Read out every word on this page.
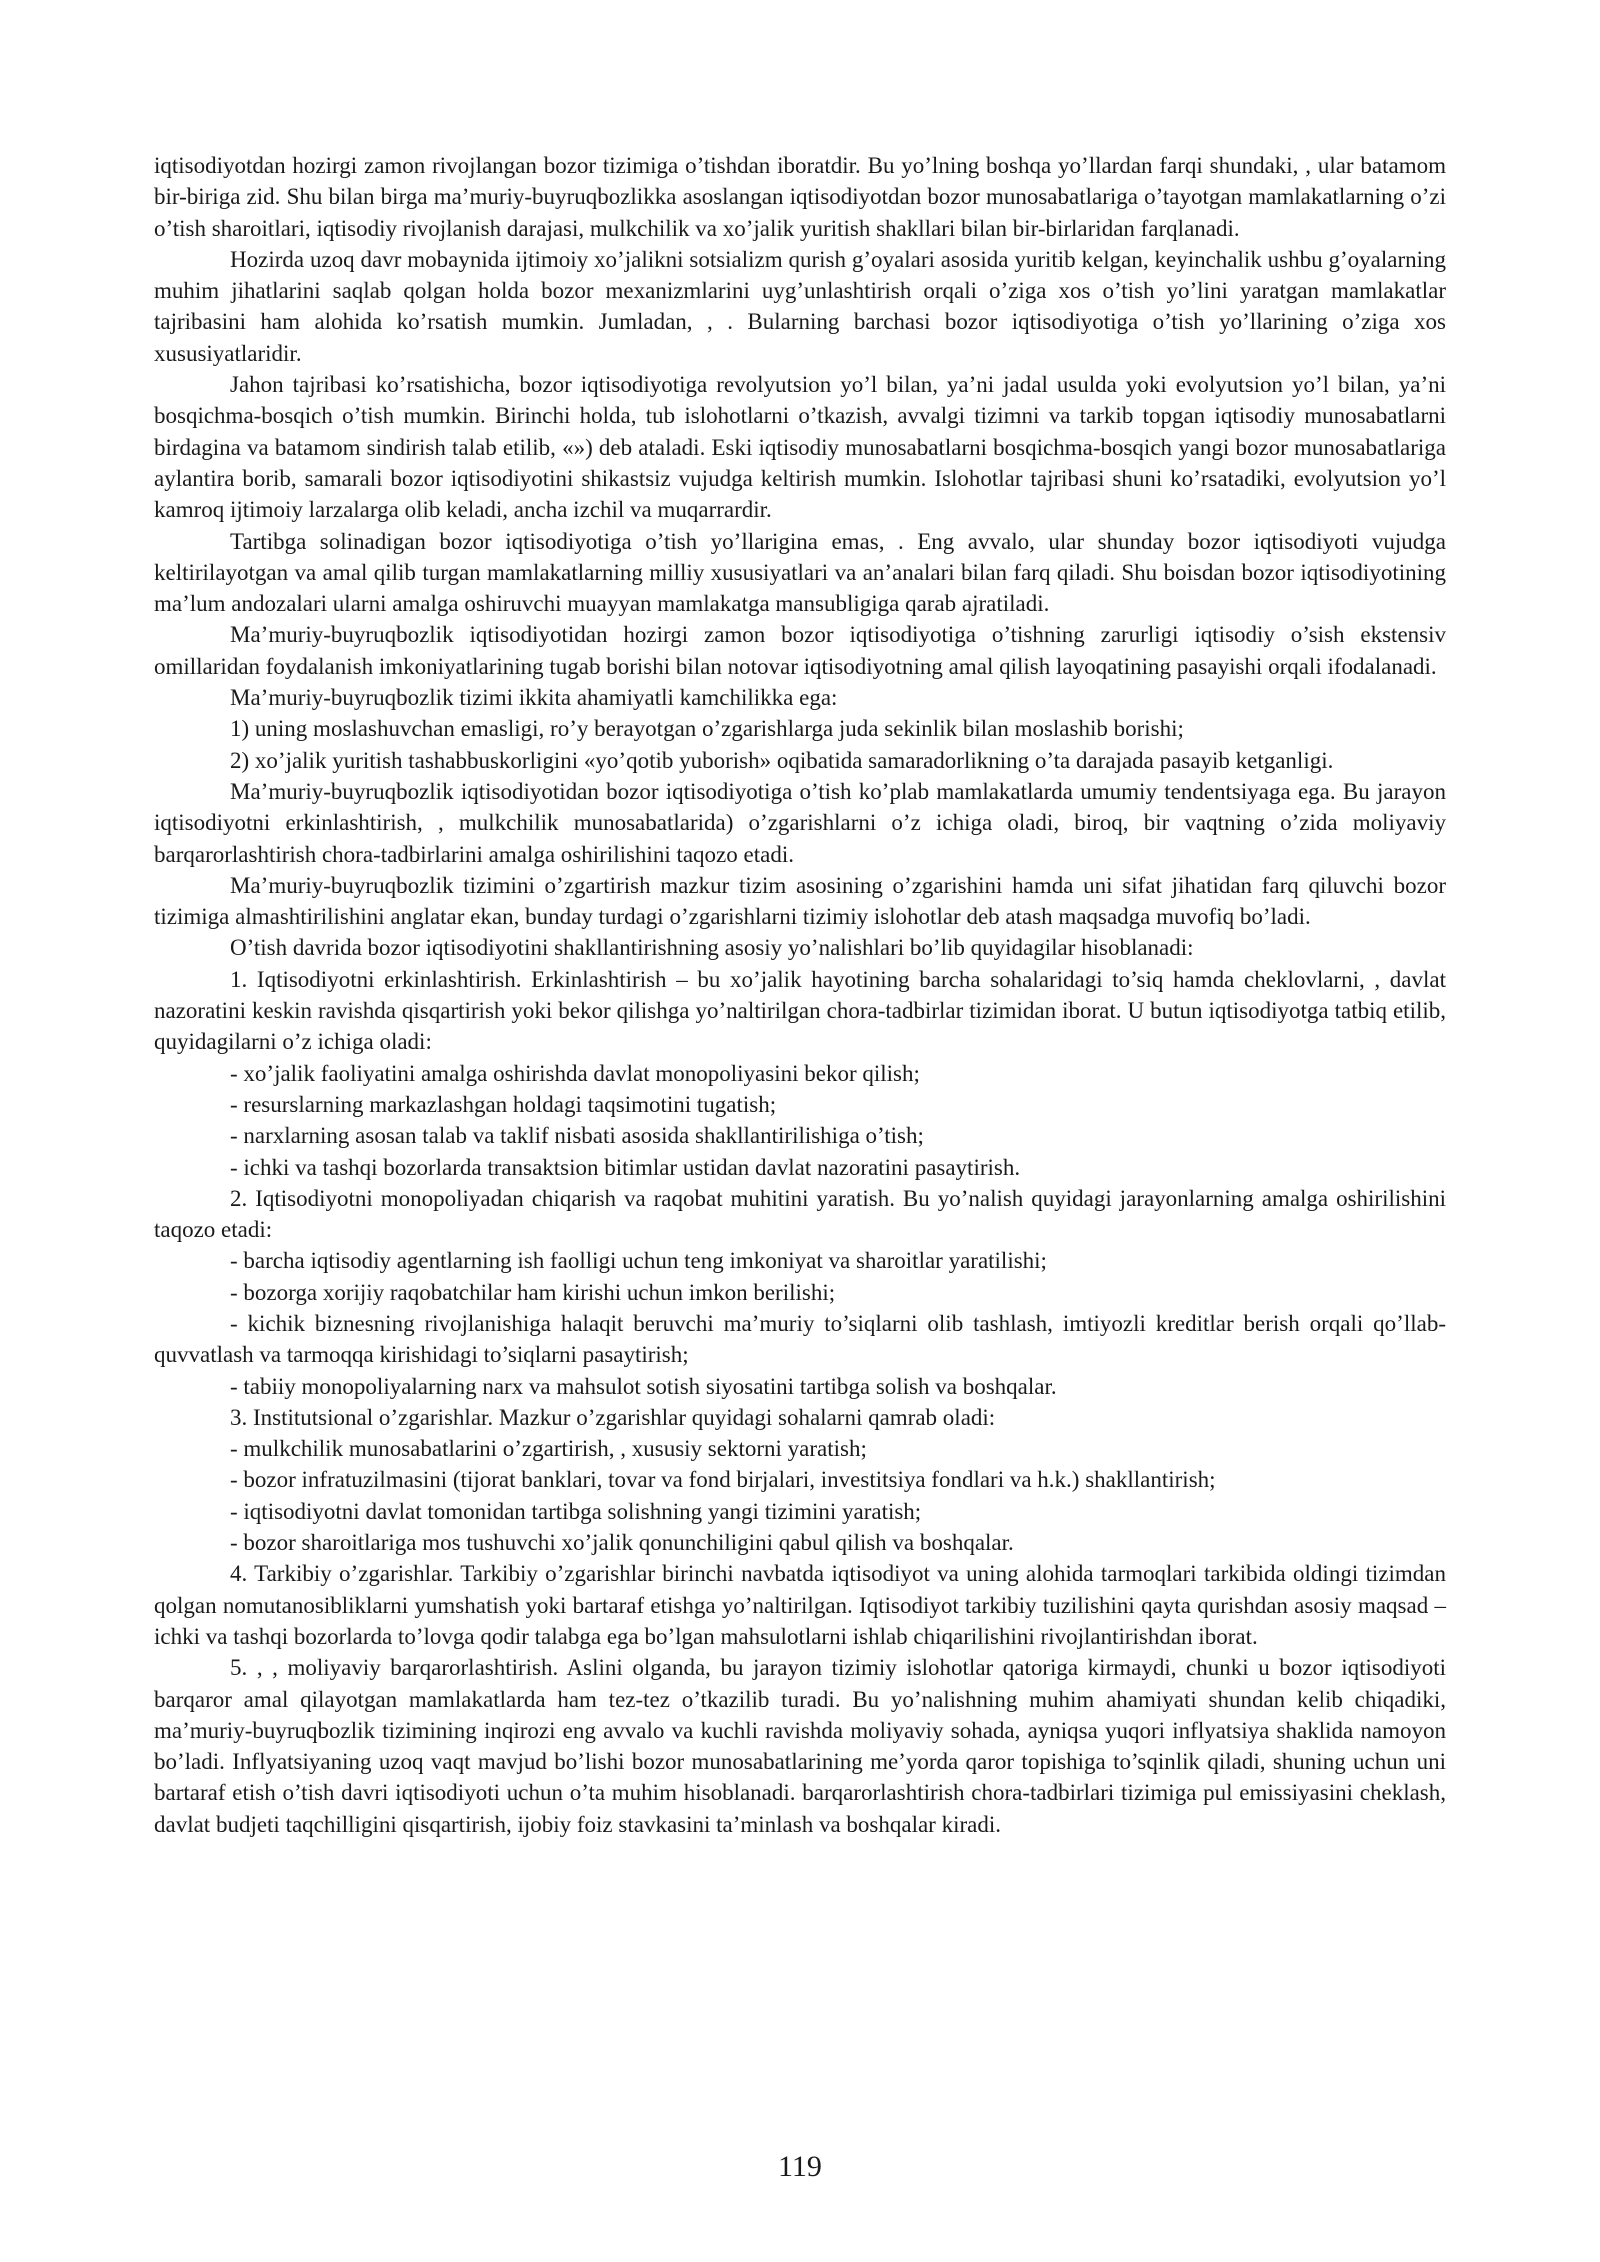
iqtisodiyotdan hozirgi zamon rivojlangan bozor tizimiga o’tishdan iboratdir. Bu yo’lning boshqa yo’llardan farqi shundaki, , ular batamom bir-biriga zid. Shu bilan birga ma’muriy-buyruqbozlikka asoslangan iqtisodiyotdan bozor munosabatlariga o’tayotgan mamlakatlarning o’zi o’tish sharoitlari, iqtisodiy rivojlanish darajasi, mulkchilik va xo’jalik yuritish shakllari bilan bir-birlaridan farqlanadi.

Hozirda uzoq davr mobaynida ijtimoiy xo’jalikni sotsializm qurish g’oyalari asosida yuritib kelgan, keyinchalik ushbu g’oyalarning muhim jihatlarini saqlab qolgan holda bozor mexanizmlarini uyg’unlashtirish orqali o’ziga xos o’tish yo’lini yaratgan mamlakatlar tajribasini ham alohida ko’rsatish mumkin. Jumladan, , . Bularning barchasi bozor iqtisodiyotiga o’tish yo’llarining o’ziga xos xususiyatlaridir.

Jahon tajribasi ko’rsatishicha, bozor iqtisodiyotiga revolyutsion yo’l bilan, ya’ni jadal usulda yoki evolyutsion yo’l bilan, ya’ni bosqichma-bosqich o’tish mumkin. Birinchi holda, tub islohotlarni o’tkazish, avvalgi tizimni va tarkib topgan iqtisodiy munosabatlarni birdagina va batamom sindirish talab etilib, «») deb ataladi. Eski iqtisodiy munosabatlarni bosqichma-bosqich yangi bozor munosabatlariga aylantira borib, samarali bozor iqtisodiyotini shikastsiz vujudga keltirish mumkin. Islohotlar tajribasi shuni ko’rsatadiki, evolyutsion yo’l kamroq ijtimoiy larzalarga olib keladi, ancha izchil va muqarrardir.

Tartibga solinadigan bozor iqtisodiyotiga o’tish yo’llarigina emas, . Eng avvalo, ular shunday bozor iqtisodiyoti vujudga keltirilayotgan va amal qilib turgan mamlakatlarning milliy xususiyatlari va an’analari bilan farq qiladi. Shu boisdan bozor iqtisodiyotining ma’lum andozalari ularni amalga oshiruvchi muayyan mamlakatga mansubligiga qarab ajratiladi.

Ma’muriy-buyruqbozlik iqtisodiyotidan hozirgi zamon bozor iqtisodiyotiga o’tishning zarurligi iqtisodiy o’sish ekstensiv omillaridan foydalanish imkoniyatlarining tugab borishi bilan notovar iqtisodiyotning amal qilish layoqatining pasayishi orqali ifodalanadi.

Ma’muriy-buyruqbozlik tizimi ikkita ahamiyatli kamchilikka ega:

1) uning moslashuvchan emasligi, ro’y berayotgan o’zgarishlarga juda sekinlik bilan moslashib borishi;

2) xo’jalik yuritish tashabbuskorligini «yo’qotib yuborish» oqibatida samaradorlikning o’ta darajada pasayib ketganligi.

Ma’muriy-buyruqbozlik iqtisodiyotidan bozor iqtisodiyotiga o’tish ko’plab mamlakatlarda umumiy tendentsiyaga ega. Bu jarayon iqtisodiyotni erkinlashtirish, , mulkchilik munosabatlarida) o’zgarishlarni o’z ichiga oladi, biroq, bir vaqtning o’zida moliyaviy barqarorlashtirish chora-tadbirlarini amalga oshirilishini taqozo etadi.

Ma’muriy-buyruqbozlik tizimini o’zgartirish mazkur tizim asosining o’zgarishini hamda uni sifat jihatidan farq qiluvchi bozor tizimiga almashtirilishini anglatar ekan, bunday turdagi o’zgarishlarni tizimiy islohotlar deb atash maqsadga muvofiq bo’ladi.

O’tish davrida bozor iqtisodiyotini shakllantirishning asosiy yo’nalishlari bo’lib quyidagilar hisoblanadi:

1. Iqtisodiyotni erkinlashtirish. Erkinlashtirish – bu xo’jalik hayotining barcha sohalaridagi to’siq hamda cheklovlarni, , davlat nazoratini keskin ravishda qisqartirish yoki bekor qilishga yo’naltirilgan chora-tadbirlar tizimidan iborat. U butun iqtisodiyotga tatbiq etilib, quyidagilarni o’z ichiga oladi:

- xo’jalik faoliyatini amalga oshirishda davlat monopoliyasini bekor qilish;

- resurslarning markazlashgan holdagi taqsimotini tugatish;

- narxlarning asosan talab va taklif nisbati asosida shakllantirilishiga o’tish;

- ichki va tashqi bozorlarda transaktsion bitimlar ustidan davlat nazoratini pasaytirish.

2. Iqtisodiyotni monopoliyadan chiqarish va raqobat muhitini yaratish. Bu yo’nalish quyidagi jarayonlarning amalga oshirilishini taqozo etadi:

- barcha iqtisodiy agentlarning ish faolligi uchun teng imkoniyat va sharoitlar yaratilishi;

- bozorga xorijiy raqobatchilar ham kirishi uchun imkon berilishi;

- kichik biznesning rivojlanishiga halaqit beruvchi ma’muriy to’siqlarni olib tashlash, imtiyozli kreditlar berish orqali qo’llab-quvvatlash va tarmoqqa kirishidagi to’siqlarni pasaytirish;

- tabiiy monopoliyalarning narx va mahsulot sotish siyosatini tartibga solish va boshqalar.

3. Institutsional o’zgarishlar. Mazkur o’zgarishlar quyidagi sohalarni qamrab oladi:

- mulkchilik munosabatlarini o’zgartirish, , xususiy sektorni yaratish;

- bozor infratuzilmasini (tijorat banklari, tovar va fond birjalari, investitsiya fondlari va h.k.) shakllantirish;

- iqtisodiyotni davlat tomonidan tartibga solishning yangi tizimini yaratish;

- bozor sharoitlariga mos tushuvchi xo’jalik qonunchiligini qabul qilish va boshqalar.

4. Tarkibiy o’zgarishlar. Tarkibiy o’zgarishlar birinchi navbatda iqtisodiyot va uning alohida tarmoqlari tarkibida oldingi tizimdan qolgan nomutanosibliklarni yumshatish yoki bartaraf etishga yo’naltirilgan. Iqtisodiyot tarkibiy tuzilishini qayta qurishdan asosiy maqsad – ichki va tashqi bozorlarda to’lovga qodir talabga ega bo’lgan mahsulotlarni ishlab chiqarilishini rivojlantirishdan iborat.

5. , , moliyaviy barqarorlashtirish. Aslini olganda, bu jarayon tizimiy islohotlar qatoriga kirmaydi, chunki u bozor iqtisodiyoti barqaror amal qilayotgan mamlakatlarda ham tez-tez o’tkazilib turadi. Bu yo’nalishning muhim ahamiyati shundan kelib chiqadiki, ma’muriy-buyruqbozlik tizimining inqirozi eng avvalo va kuchli ravishda moliyaviy sohada, ayniqsa yuqori inflyatsiya shaklida namoyon bo’ladi. Inflyatsiyaning uzoq vaqt mavjud bo’lishi bozor munosabatlarining me’yorda qaror topishiga to’sqinlik qiladi, shuning uchun uni bartaraf etish o’tish davri iqtisodiyoti uchun o’ta muhim hisoblanadi. barqarorlashtirish chora-tadbirlari tizimiga pul emissiyasini cheklash, davlat budjeti taqchilligini qisqartirish, ijobiy foiz stavkasini ta’minlash va boshqalar kiradi.

119
